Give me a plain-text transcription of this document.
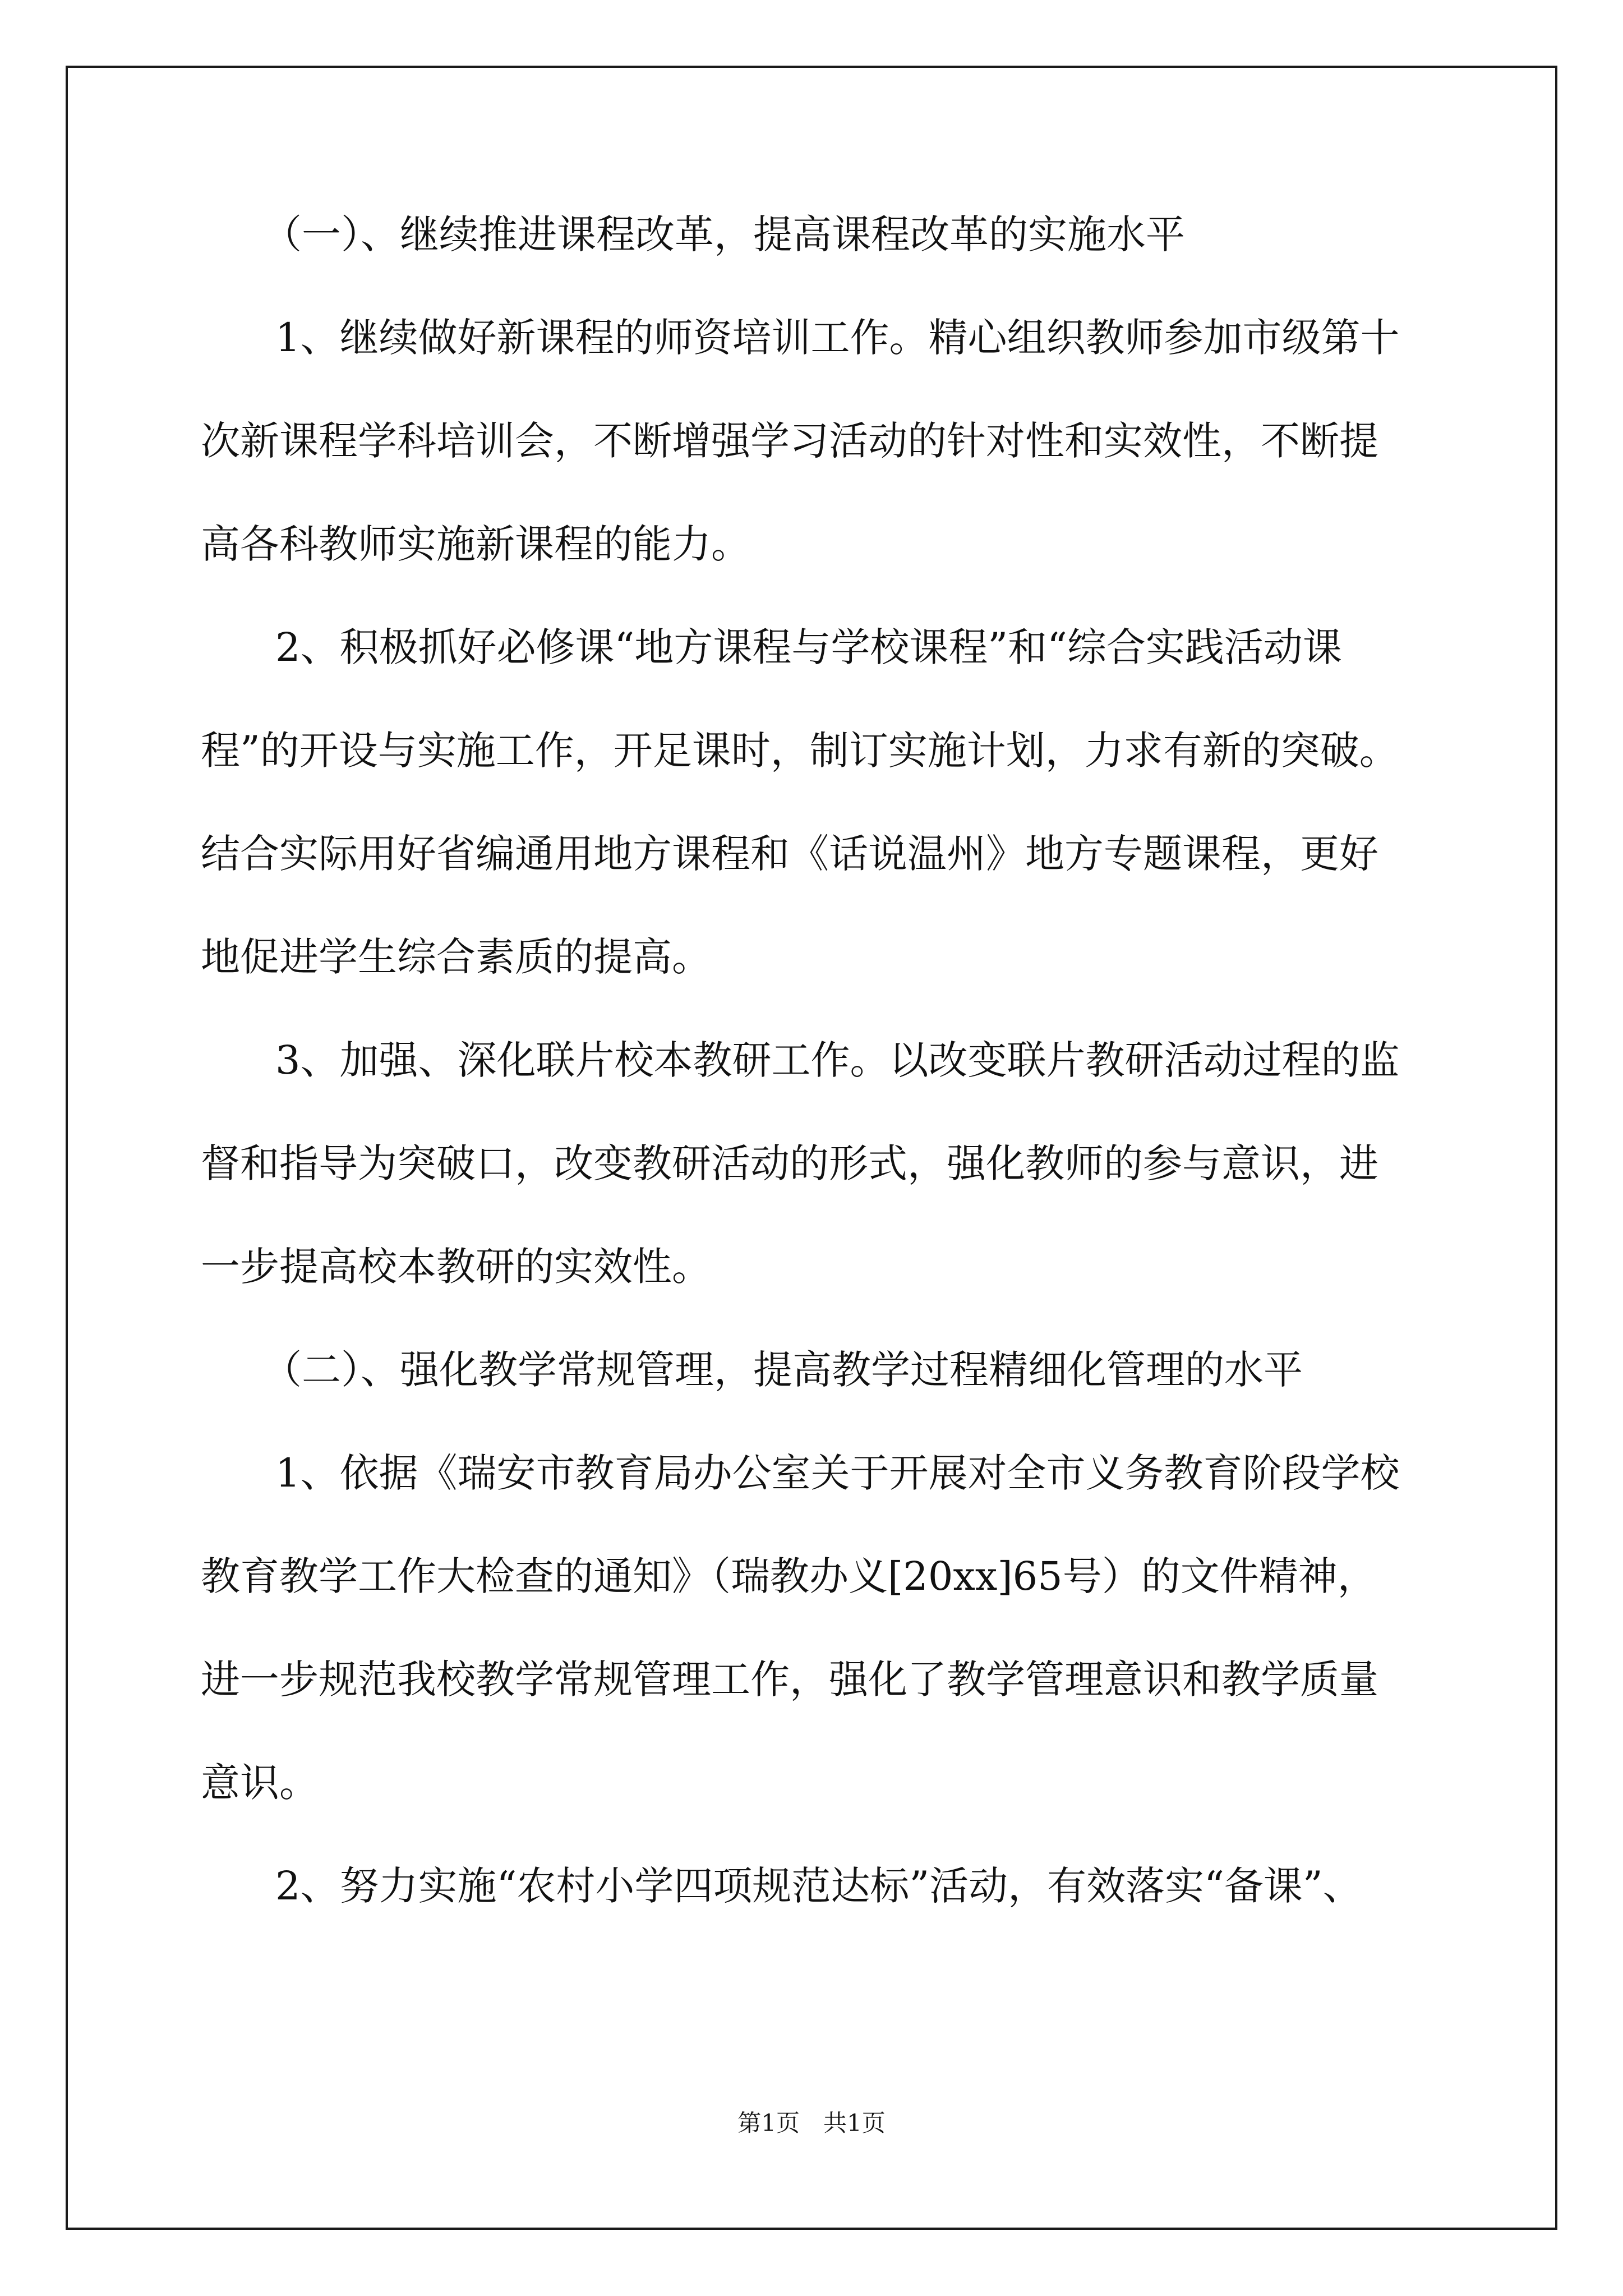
（一）、继续推进课程改革，提高课程改革的实施水平
1、继续做好新课程的师资培训工作。精心组织教师参加市级第十
次新课程学科培训会，不断增强学习活动的针对性和实效性，不断提
高各科教师实施新课程的能力。
2、积极抓好必修课“地方课程与学校课程”和“综合实践活动课
程”的开设与实施工作，开足课时，制订实施计划，力求有新的突破。
结合实际用好省编通用地方课程和《话说温州》地方专题课程，更好
地促进学生综合素质的提高。
3、加强、深化联片校本教研工作。以改变联片教研活动过程的监
督和指导为突破口，改变教研活动的形式，强化教师的参与意识，进
一步提高校本教研的实效性。
（二）、强化教学常规管理，提高教学过程精细化管理的水平
1、依据《瑞安市教育局办公室关于开展对全市义务教育阶段学校
教育教学工作大检查的通知》（瑞教办义[20xx]65号）的文件精神，
进一步规范我校教学常规管理工作，强化了教学管理意识和教学质量
意识。
2、努力实施“农村小学四项规范达标”活动，有效落实“备课”、
第1页　共1页
